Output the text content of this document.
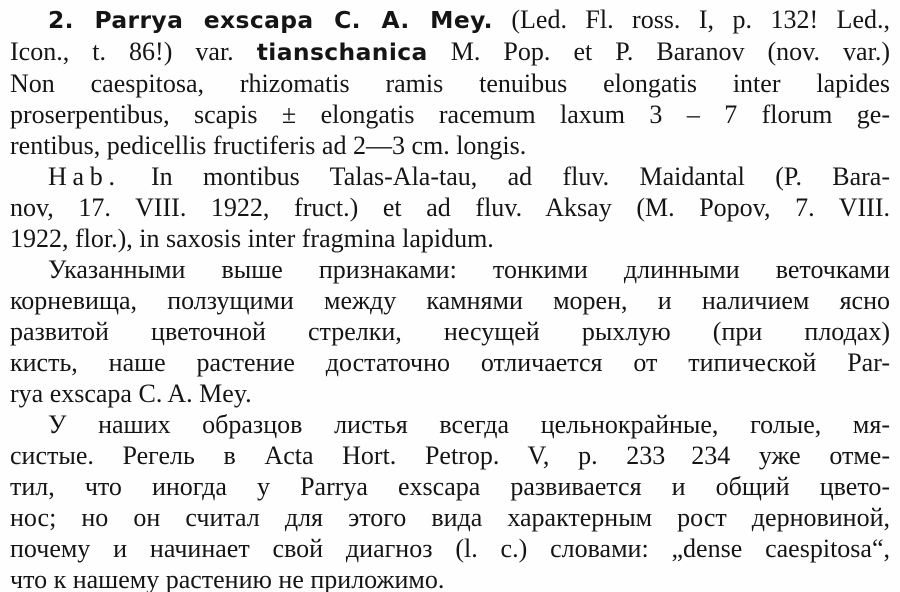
2. Parrya exscapa C. A. Mey. (Led. Fl. ross. I, p. 132! Led.,
Icon., t. 86!) var. tianschanica M. Pop. et P. Baranov (nov. var.)
Non caespitosa, rhizomatis ramis tenuibus elongatis inter lapides
proserpentibus, scapis ± elongatis racemum laxum 3 – 7 florum ge-
rentibus, pedicellis fructiferis ad 2—3 cm. longis.

Hab. In montibus Talas-Ala-tau, ad fluv. Maidantal (P. Bara-
nov, 17. VIII. 1922, fruct.) et ad fluv. Aksay (M. Popov, 7. VIII.
1922, flor.), in saxosis inter fragmina lapidum.

Указанными выше признаками: тонкими длинными веточками
корневища, ползущими между камнями морен, и наличием ясно
развитой цветочной стрелки, несущей рыхлую (при плодах)
кисть, наше растение достаточно отличается от типической Par-
rya exscapa C. A. Mey.

У наших образцов листья всегда цельнокрайные, голые, мя-
систые. Регель в Acta Hort. Petrop. V, p. 233  234 уже отме-
тил, что иногда у Parrya exscapa развивается и общий цвето-
нос; но он считал для этого вида характерным рост дерновиной,
почему и начинает свой диагноз (l. c.) словами: „dense caespitosa“,
что к нашему растению не приложимо.
